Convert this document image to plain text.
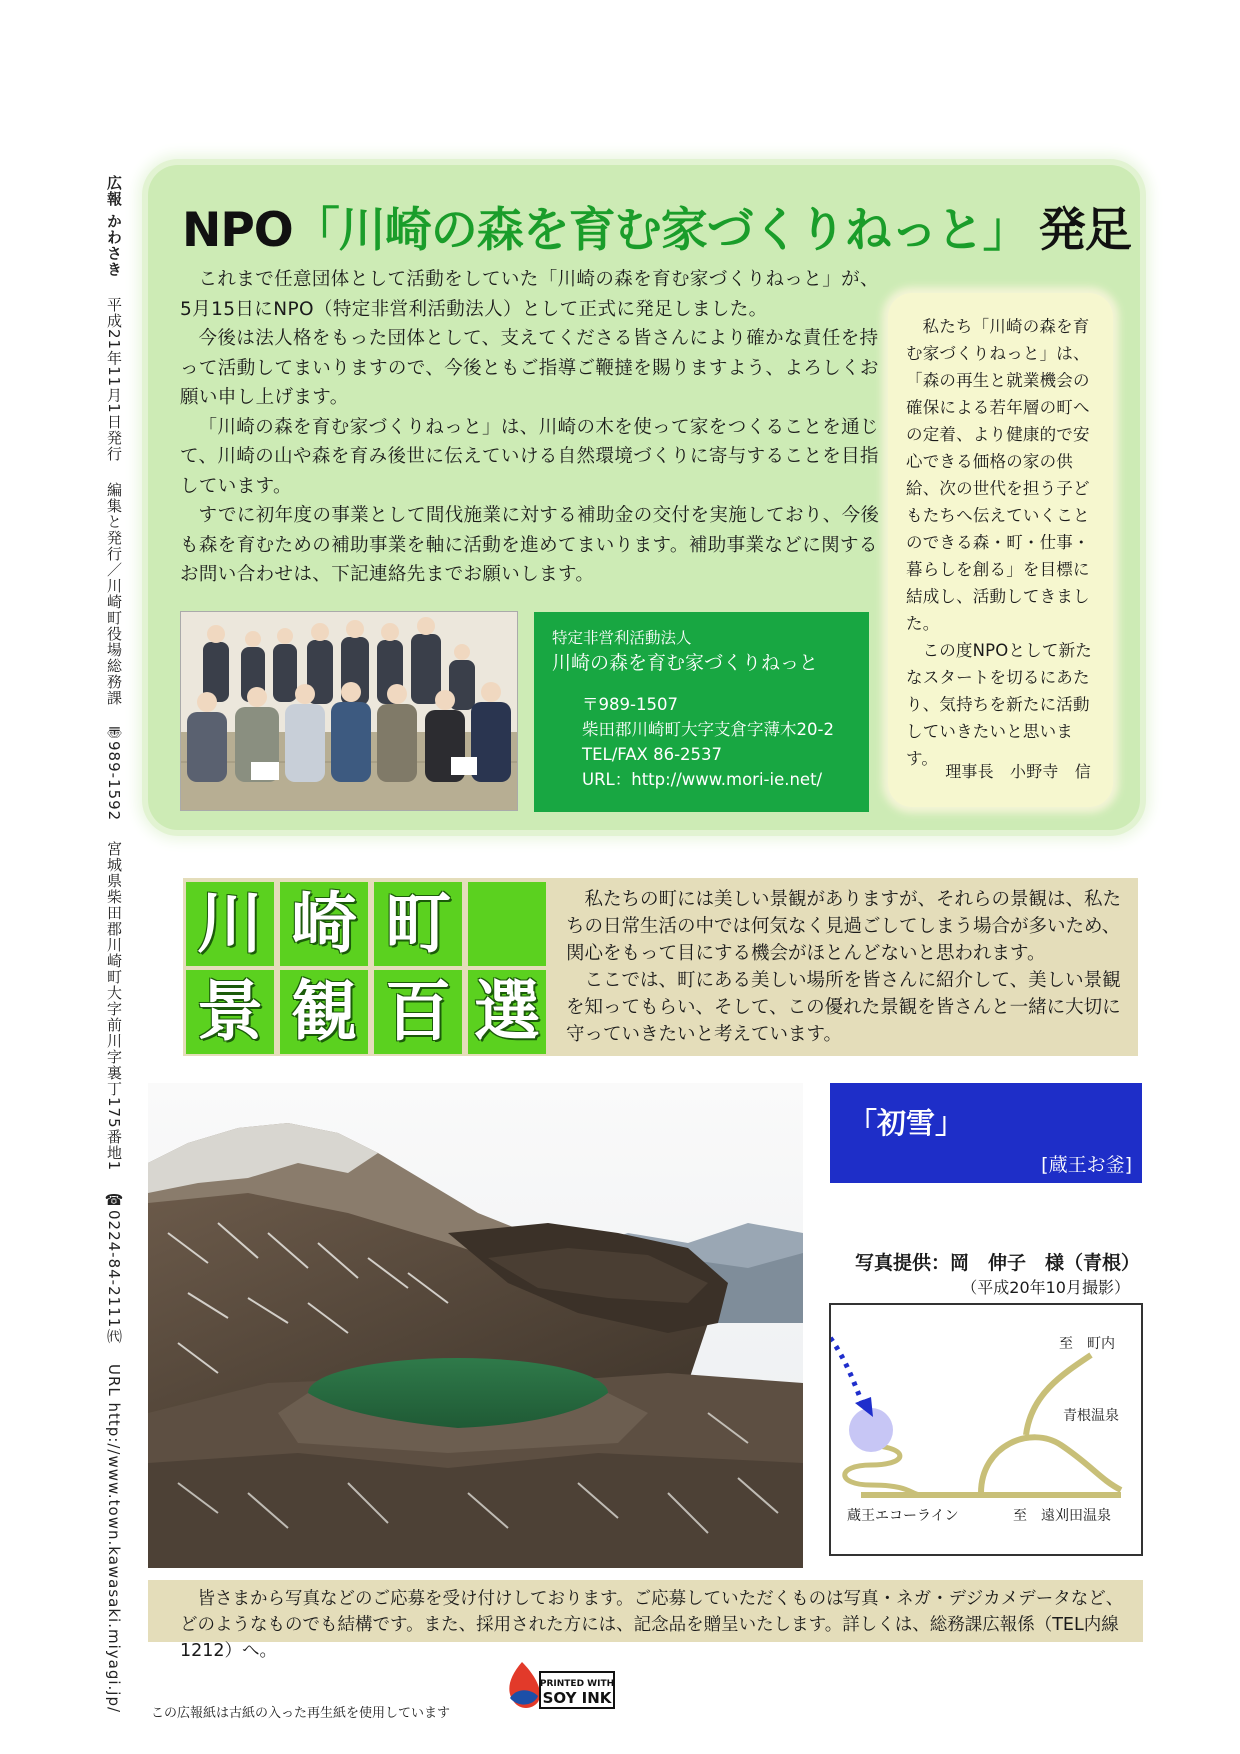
広報 かわさき 平成21年11月1日発行 編集と発行／川崎町役場総務課 〠989-1592 宮城県柴田郡川崎町大字前川字裏丁175番地1 ☎0224-84-2111㈹ URL http://www.town.kawasaki.miyagi.jp/
NPO「川崎の森を育む家づくりねっと」 発足

これまで任意団体として活動をしていた「川崎の森を育む家づくりねっと」が、5月15日にNPO（特定非営利活動法人）として正式に発足しました。

今後は法人格をもった団体として、支えてくださる皆さんにより確かな責任を持って活動してまいりますので、今後ともご指導ご鞭撻を賜りますよう、よろしくお願い申し上げます。

「川崎の森を育む家づくりねっと」は、川崎の木を使って家をつくることを通じて、川崎の山や森を育み後世に伝えていける自然環境づくりに寄与することを目指しています。

すでに初年度の事業として間伐施業に対する補助金の交付を実施しており、今後も森を育むための補助事業を軸に活動を進めてまいります。補助事業などに関するお問い合わせは、下記連絡先までお願いします。

私たち「川崎の森を育む家づくりねっと」は、「森の再生と就業機会の確保による若年層の町への定着、より健康的で安心できる価格の家の供給、次の世代を担う子どもたちへ伝えていくことのできる森・町・仕事・暮らしを創る」を目標に結成し、活動してきました。

この度NPOとして新たなスタートを切るにあたり、気持ちを新たに活動していきたいと思います。

理事長　小野寺　信
特定非営利活動法人
川崎の森を育む家づくりねっと
〒989-1507
柴田郡川崎町大字支倉字薄木20-2
TEL/FAX 86-2537
URL：http://www.mori-ie.net/
川 崎 町
景 観 百 選

私たちの町には美しい景観がありますが、それらの景観は、私たちの日常生活の中では何気なく見過ごしてしまう場合が多いため、関心をもって目にする機会がほとんどないと思われます。

ここでは、町にある美しい場所を皆さんに紹介して、美しい景観を知ってもらい、そして、この優れた景観を皆さんと一緒に大切に守っていきたいと考えています。

「初雪」
[蔵王お釜]
写真提供：岡　伸子　様（青根）
（平成20年10月撮影）
至　町内
青根温泉
蔵王エコーライン	至　遠刈田温泉

皆さまから写真などのご応募を受け付けしております。ご応募していただくものは写真・ネガ・デジカメデータなど、どのようなものでも結構です。また、採用された方には、記念品を贈呈いたします。詳しくは、総務課広報係（TEL内線1212）へ。

この広報紙は古紙の入った再生紙を使用しています
PRINTED WITH
SOY INK
